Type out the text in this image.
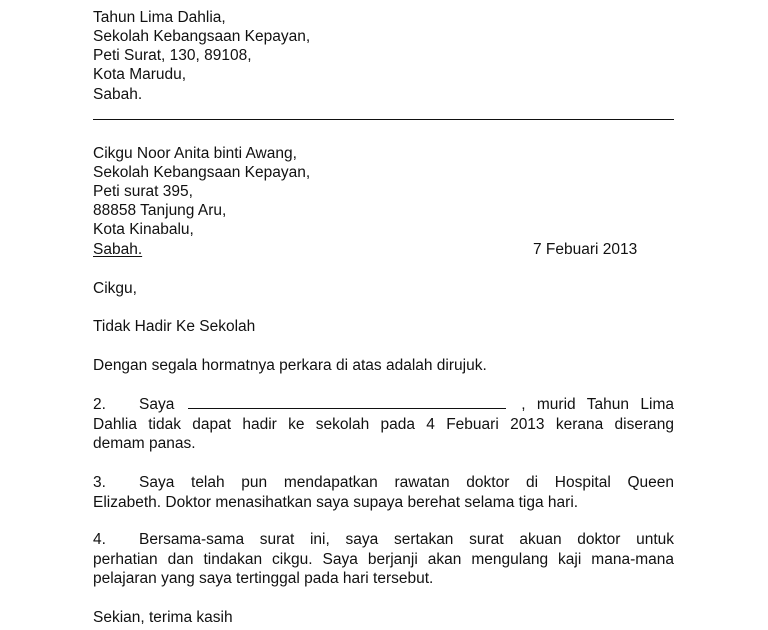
Tahun Lima Dahlia,
Sekolah Kebangsaan Kepayan,
Peti Surat, 130, 89108,
Kota Marudu,
Sabah.
Cikgu Noor Anita binti Awang,
Sekolah Kebangsaan Kepayan,
Peti surat 395,
88858 Tanjung Aru,
Kota Kinabalu,
Sabah.	7 Febuari 2013
Cikgu,
Tidak Hadir Ke Sekolah
Dengan segala hormatnya perkara di atas adalah dirujuk.
2. Saya	, murid Tahun Lima
Dahlia tidak dapat hadir ke sekolah pada 4 Febuari 2013 kerana diserang
demam panas.
3. Saya telah pun mendapatkan rawatan doktor di Hospital Queen
Elizabeth. Doktor menasihatkan saya supaya berehat selama tiga hari.
4. Bersama-sama surat ini, saya sertakan surat akuan doktor untuk
perhatian dan tindakan cikgu. Saya berjanji akan mengulang kaji mana-mana
pelajaran yang saya tertinggal pada hari tersebut.
Sekian, terima kasih
